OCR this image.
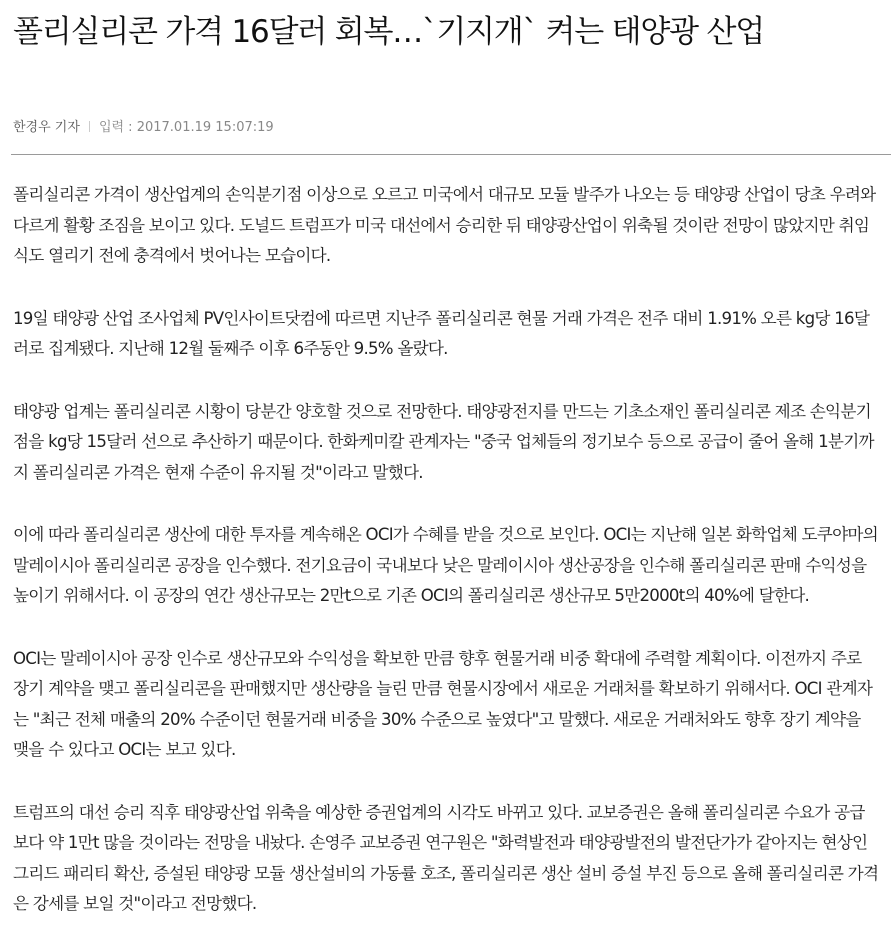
폴리실리콘 가격 16달러 회복…`기지개` 켜는 태양광 산업
한경우 기자 입력 : 2017.01.19 15:07:19

폴리실리콘 가격이 생산업계의 손익분기점 이상으로 오르고 미국에서 대규모 모듈 발주가 나오는 등 태양광 산업이 당초 우려와 다르게 활황 조짐을 보이고 있다. 도널드 트럼프가 미국 대선에서 승리한 뒤 태양광산업이 위축될 것이란 전망이 많았지만 취임식도 열리기 전에 충격에서 벗어나는 모습이다.

19일 태양광 산업 조사업체 PV인사이트닷컴에 따르면 지난주 폴리실리콘 현물 거래 가격은 전주 대비 1.91% 오른 kg당 16달러로 집계됐다. 지난해 12월 둘째주 이후 6주동안 9.5% 올랐다.

태양광 업계는 폴리실리콘 시황이 당분간 양호할 것으로 전망한다. 태양광전지를 만드는 기초소재인 폴리실리콘 제조 손익분기점을 kg당 15달러 선으로 추산하기 때문이다. 한화케미칼 관계자는 "중국 업체들의 정기보수 등으로 공급이 줄어 올해 1분기까지 폴리실리콘 가격은 현재 수준이 유지될 것"이라고 말했다.

이에 따라 폴리실리콘 생산에 대한 투자를 계속해온 OCI가 수혜를 받을 것으로 보인다. OCI는 지난해 일본 화학업체 도쿠야마의 말레이시아 폴리실리콘 공장을 인수했다. 전기요금이 국내보다 낮은 말레이시아 생산공장을 인수해 폴리실리콘 판매 수익성을 높이기 위해서다. 이 공장의 연간 생산규모는 2만t으로 기존 OCI의 폴리실리콘 생산규모 5만2000t의 40%에 달한다.

OCI는 말레이시아 공장 인수로 생산규모와 수익성을 확보한 만큼 향후 현물거래 비중 확대에 주력할 계획이다. 이전까지 주로 장기 계약을 맺고 폴리실리콘을 판매했지만 생산량을 늘린 만큼 현물시장에서 새로운 거래처를 확보하기 위해서다. OCI 관계자는 "최근 전체 매출의 20% 수준이던 현물거래 비중을 30% 수준으로 높였다"고 말했다. 새로운 거래처와도 향후 장기 계약을 맺을 수 있다고 OCI는 보고 있다.

트럼프의 대선 승리 직후 태양광산업 위축을 예상한 증권업계의 시각도 바뀌고 있다. 교보증권은 올해 폴리실리콘 수요가 공급보다 약 1만t 많을 것이라는 전망을 내놨다. 손영주 교보증권 연구원은 "화력발전과 태양광발전의 발전단가가 같아지는 현상인 그리드 패리티 확산, 증설된 태양광 모듈 생산설비의 가동률 호조, 폴리실리콘 생산 설비 증설 부진 등으로 올해 폴리실리콘 가격은 강세를 보일 것"이라고 전망했다.
